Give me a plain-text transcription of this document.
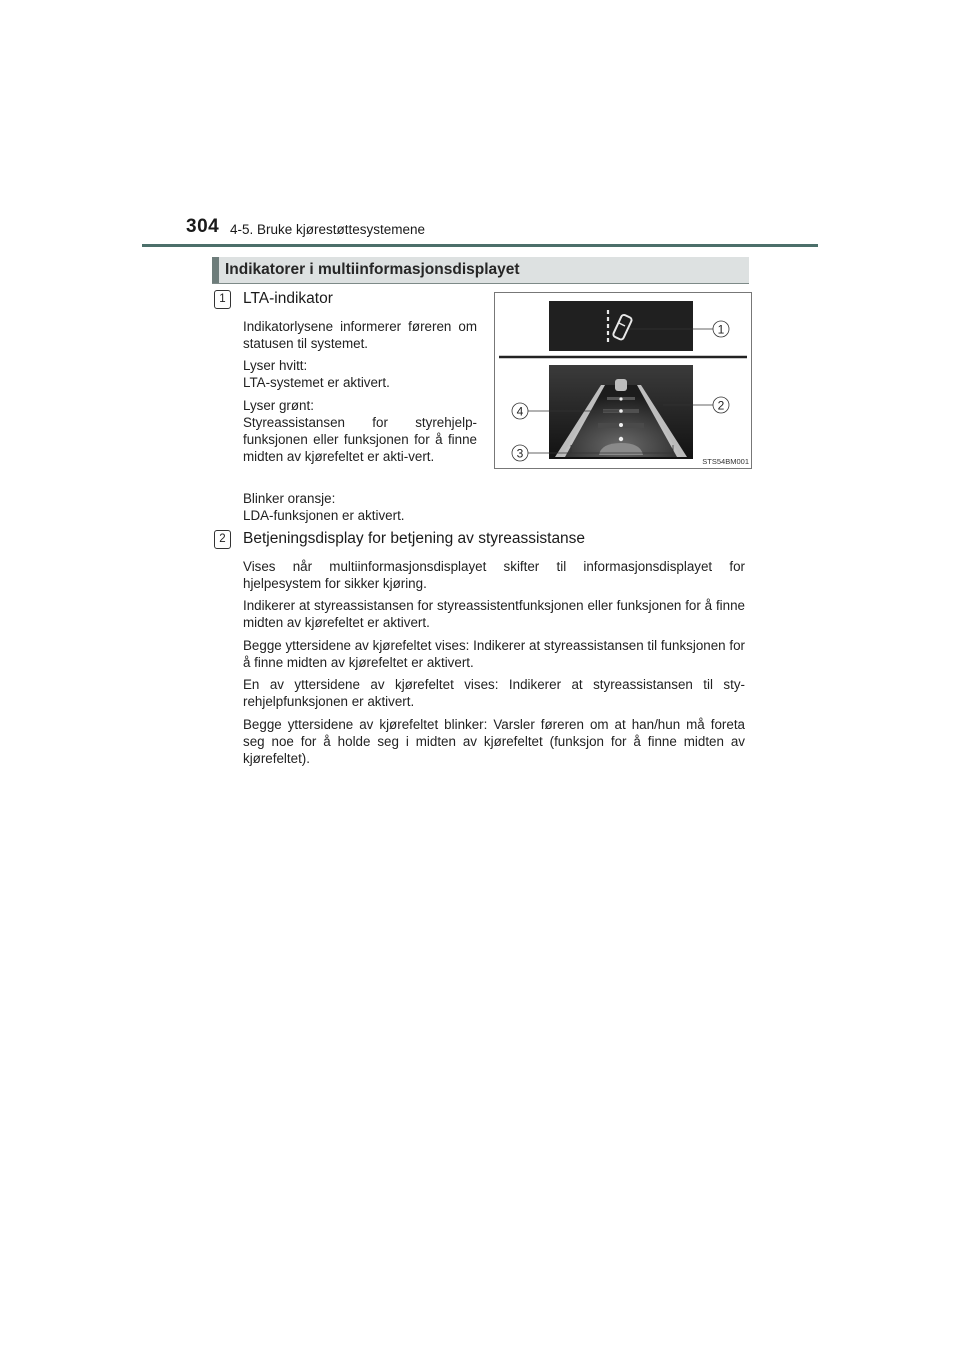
304 4-5. Bruke kjørestøttesystemene
Indikatorer i multiinformasjonsdisplayet
1	LTA-indikator
Indikatorlysene informerer føreren om statusen til systemet.
Lyser hvitt:
LTA-systemet er aktivert.
Lyser grønt:
Styreassistansen for styrehjelp-funksjonen eller funksjonen for å finne midten av kjørefeltet er akti-vert.
Blinker oransje:
LDA-funksjonen er aktivert.
1
2
4
3
STS54BM001
2	Betjeningsdisplay for betjening av styreassistanse
Vises når multiinformasjonsdisplayet skifter til informasjonsdisplayet for hjelpesystem for sikker kjøring.
Indikerer at styreassistansen for styreassistentfunksjonen eller funksjonen for å finne midten av kjørefeltet er aktivert.
Begge yttersidene av kjørefeltet vises: Indikerer at styreassistansen til funksjonen for å finne midten av kjørefeltet er aktivert.
En av yttersidene av kjørefeltet vises: Indikerer at styreassistansen til sty-rehjelpfunksjonen er aktivert.
Begge yttersidene av kjørefeltet blinker: Varsler føreren om at han/hun må foreta seg noe for å holde seg i midten av kjørefeltet (funksjon for å finne midten av kjørefeltet).
